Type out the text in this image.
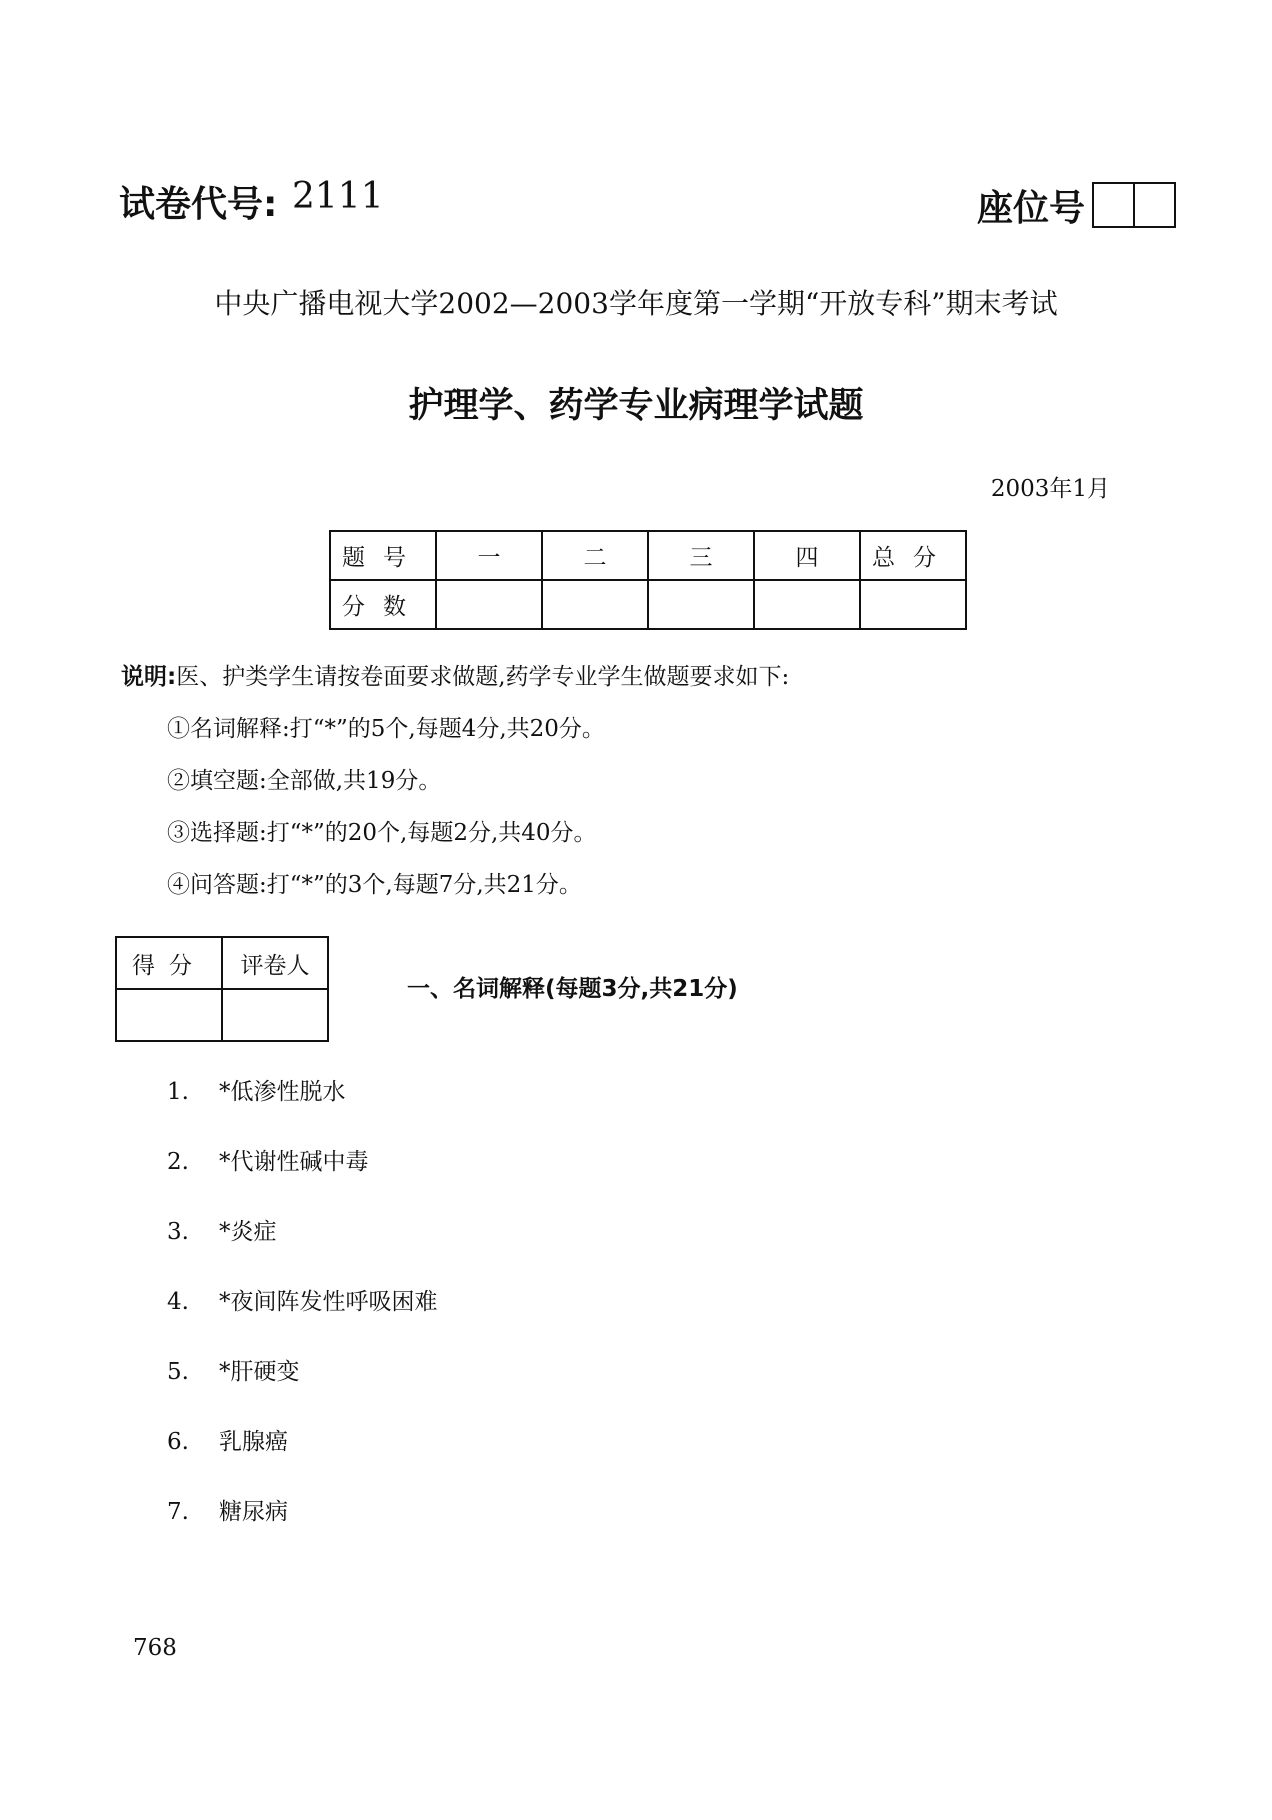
试卷代号: 2111	座位号
中央广播电视大学2002—2003学年度第一学期“开放专科”期末考试
护理学、药学专业病理学试题
2003年1月
题号	一	二	三	四	总分
分数					
说明:医、护类学生请按卷面要求做题,药学专业学生做题要求如下:
①名词解释:打“*”的5个,每题4分,共20分。
②填空题:全部做,共19分。
③选择题:打“*”的20个,每题2分,共40分。
④问答题:打“*”的3个,每题7分,共21分。
得分	评卷人

一、名词解释(每题3分,共21分)
1. *低渗性脱水
2. *代谢性碱中毒
3. *炎症
4. *夜间阵发性呼吸困难
5. *肝硬变
6. 乳腺癌
7. 糖尿病
768
